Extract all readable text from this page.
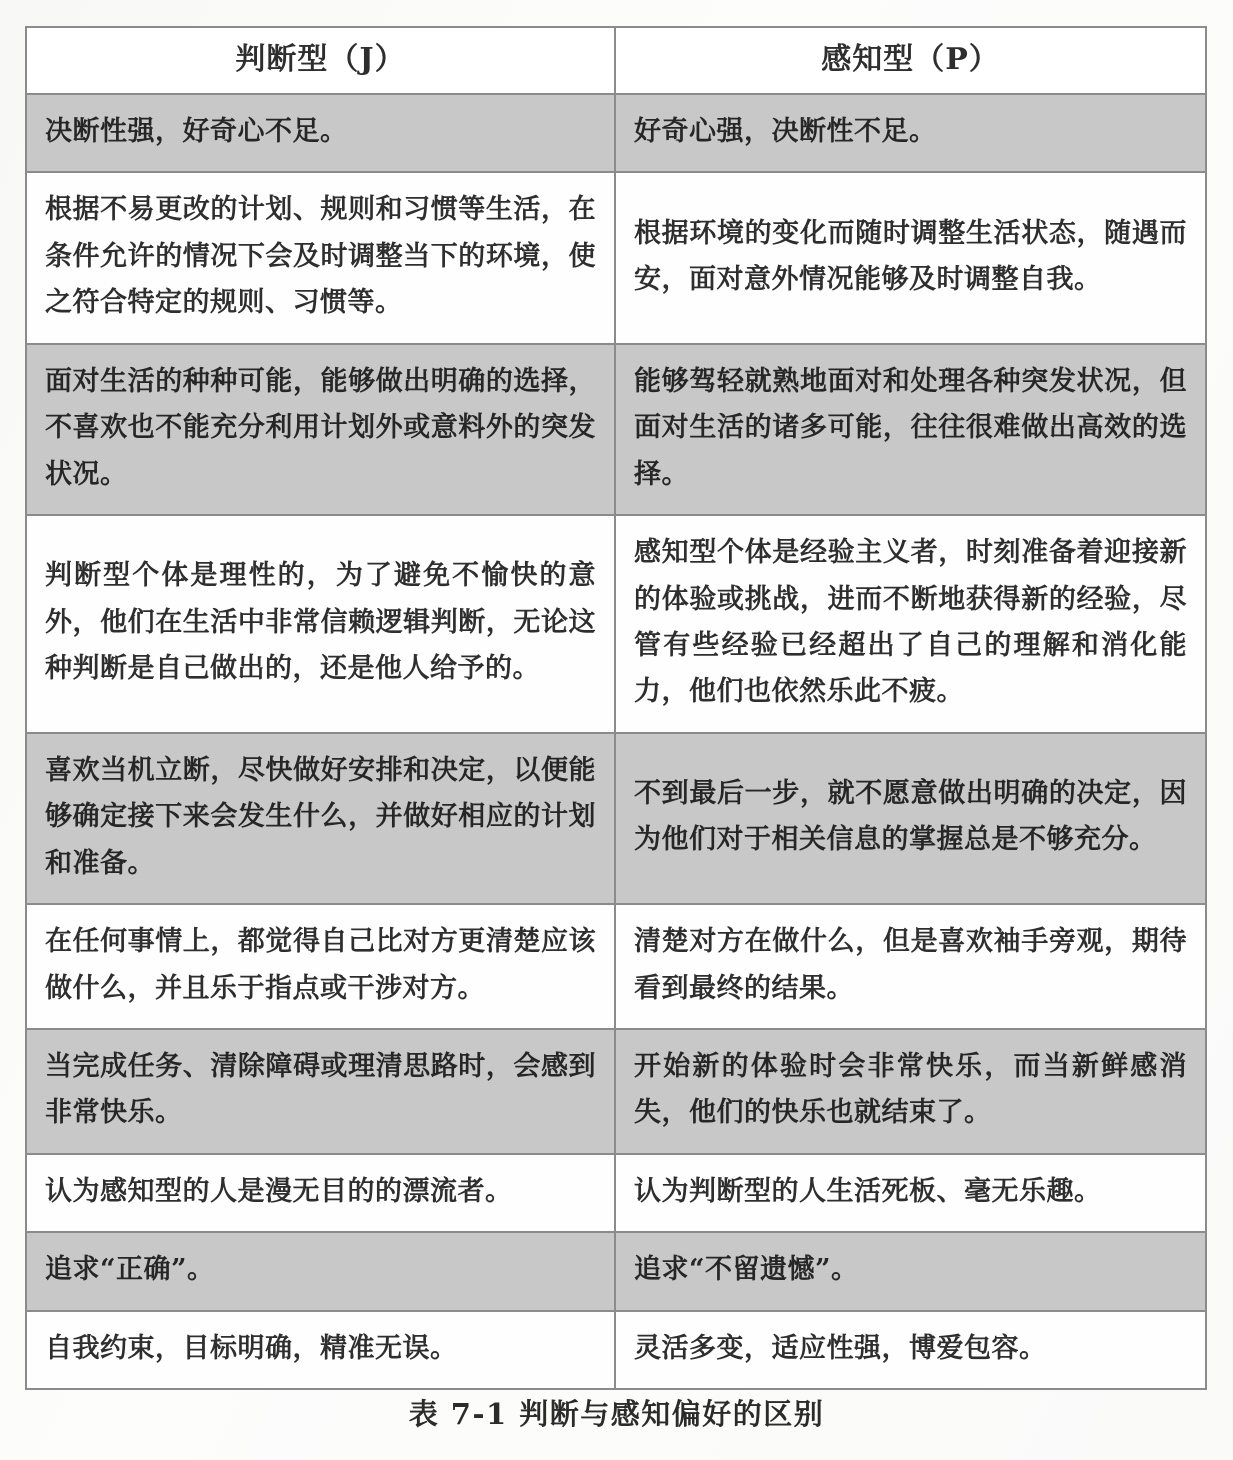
判断型（J）	感知型（P）
决断性强，好奇心不足。	好奇心强，决断性不足。
根据不易更改的计划、规则和习惯等生活，在条件允许的情况下会及时调整当下的环境，使之符合特定的规则、习惯等。	根据环境的变化而随时调整生活状态，随遇而安，面对意外情况能够及时调整自我。
面对生活的种种可能，能够做出明确的选择，不喜欢也不能充分利用计划外或意料外的突发状况。	能够驾轻就熟地面对和处理各种突发状况，但面对生活的诸多可能，往往很难做出高效的选择。
判断型个体是理性的，为了避免不愉快的意外，他们在生活中非常信赖逻辑判断，无论这种判断是自己做出的，还是他人给予的。	感知型个体是经验主义者，时刻准备着迎接新的体验或挑战，进而不断地获得新的经验，尽管有些经验已经超出了自己的理解和消化能力，他们也依然乐此不疲。
喜欢当机立断，尽快做好安排和决定，以便能够确定接下来会发生什么，并做好相应的计划和准备。	不到最后一步，就不愿意做出明确的决定，因为他们对于相关信息的掌握总是不够充分。
在任何事情上，都觉得自己比对方更清楚应该做什么，并且乐于指点或干涉对方。	清楚对方在做什么，但是喜欢袖手旁观，期待看到最终的结果。
当完成任务、清除障碍或理清思路时，会感到非常快乐。	开始新的体验时会非常快乐，而当新鲜感消失，他们的快乐也就结束了。
认为感知型的人是漫无目的的漂流者。	认为判断型的人生活死板、毫无乐趣。
追求“正确”。	追求“不留遗憾”。
自我约束，目标明确，精准无误。	灵活多变，适应性强，博爱包容。
表 7-1 判断与感知偏好的区别
